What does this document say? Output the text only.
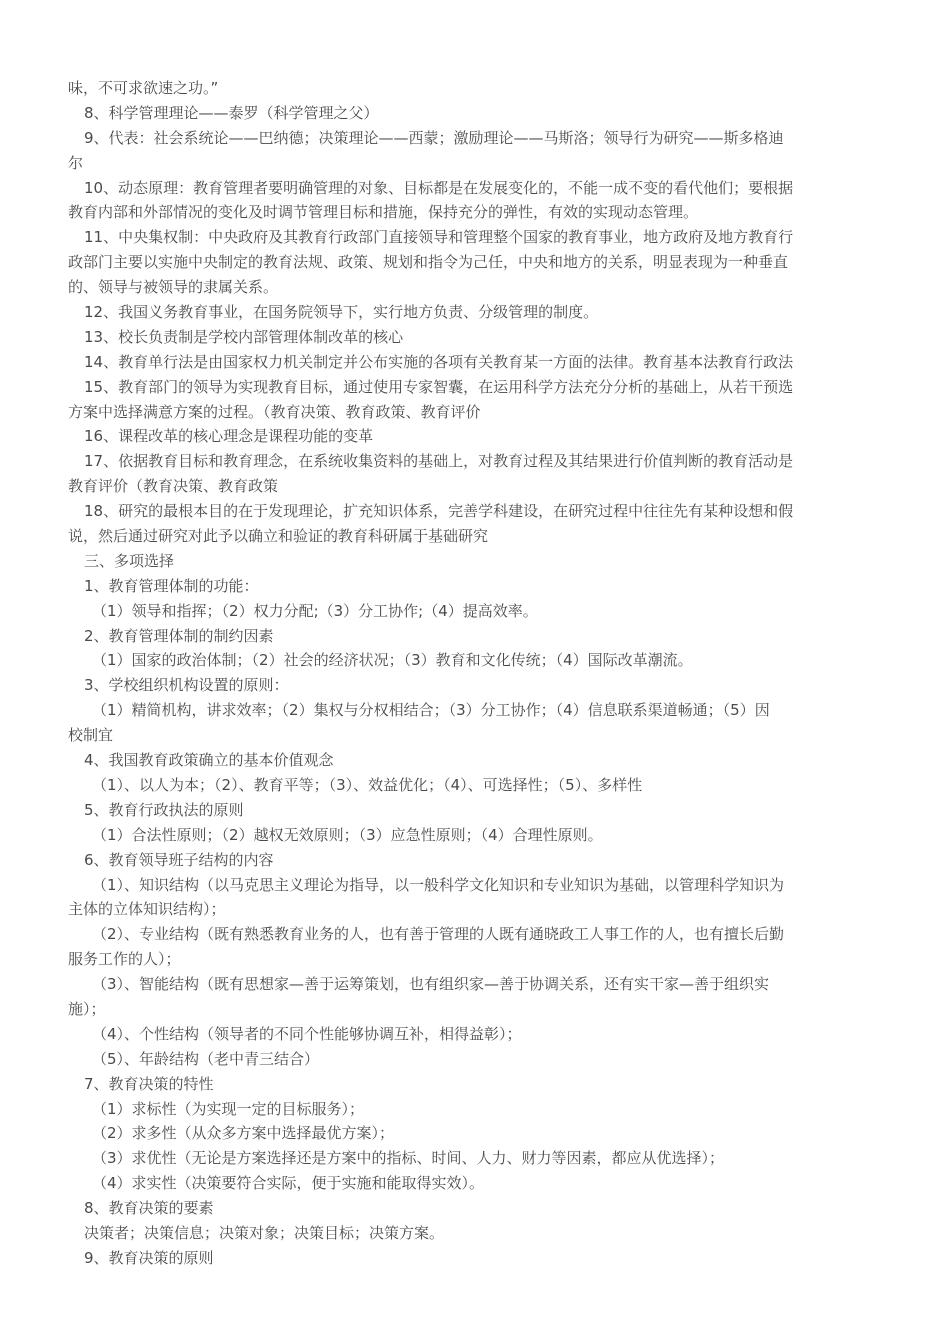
味，不可求欲速之功。”
8、科学管理理论——泰罗（科学管理之父）
9、代表：社会系统论——巴纳德；决策理论——西蒙；激励理论——马斯洛；领导行为研究——斯多格迪
尔
10、动态原理：教育管理者要明确管理的对象、目标都是在发展变化的，不能一成不变的看代他们；要根据
教育内部和外部情况的变化及时调节管理目标和措施，保持充分的弹性，有效的实现动态管理。
11、中央集权制：中央政府及其教育行政部门直接领导和管理整个国家的教育事业，地方政府及地方教育行
政部门主要以实施中央制定的教育法规、政策、规划和指令为己任，中央和地方的关系，明显表现为一种垂直
的、领导与被领导的隶属关系。
12、我国义务教育事业，在国务院领导下，实行地方负责、分级管理的制度。
13、校长负责制是学校内部管理体制改革的核心
14、教育单行法是由国家权力机关制定并公布实施的各项有关教育某一方面的法律。教育基本法教育行政法
15、教育部门的领导为实现教育目标，通过使用专家智囊，在运用科学方法充分分析的基础上，从若干预选
方案中选择满意方案的过程。（教育决策、教育政策、教育评价
16、课程改革的核心理念是课程功能的变革
17、依据教育目标和教育理念，在系统收集资料的基础上，对教育过程及其结果进行价值判断的教育活动是
教育评价（教育决策、教育政策
18、研究的最根本目的在于发现理论，扩充知识体系，完善学科建设，在研究过程中往往先有某种设想和假
说，然后通过研究对此予以确立和验证的教育科研属于基础研究
三、多项选择
1、教育管理体制的功能：
（1）领导和指挥；（2）权力分配;（3）分工协作;（4）提高效率。
2、教育管理体制的制约因素
（1）国家的政治体制；（2）社会的经济状况；（3）教育和文化传统；（4）国际改革潮流。
3、学校组织机构设置的原则：
（1）精简机构，讲求效率；（2）集权与分权相结合；（3）分工协作；（4）信息联系渠道畅通；（5）因
校制宜
4、我国教育政策确立的基本价值观念
（1）、以人为本；（2）、教育平等；（3）、效益优化；（4）、可选择性；（5）、多样性
5、教育行政执法的原则
（1）合法性原则；（2）越权无效原则；（3）应急性原则；（4）合理性原则。
6、教育领导班子结构的内容
（1）、知识结构（以马克思主义理论为指导，以一般科学文化知识和专业知识为基础，以管理科学知识为
主体的立体知识结构）；
（2）、专业结构（既有熟悉教育业务的人，也有善于管理的人既有通晓政工人事工作的人，也有擅长后勤
服务工作的人）；
（3）、智能结构（既有思想家—善于运筹策划，也有组织家—善于协调关系，还有实干家—善于组织实
施）；
（4）、个性结构（领导者的不同个性能够协调互补，相得益彰）；
（5）、年龄结构（老中青三结合）
7、教育决策的特性
（1）求标性（为实现一定的目标服务）；
（2）求多性（从众多方案中选择最优方案）；
（3）求优性（无论是方案选择还是方案中的指标、时间、人力、财力等因素，都应从优选择）；
（4）求实性（决策要符合实际，便于实施和能取得实效）。
8、教育决策的要素
决策者；决策信息；决策对象；决策目标；决策方案。
9、教育决策的原则
